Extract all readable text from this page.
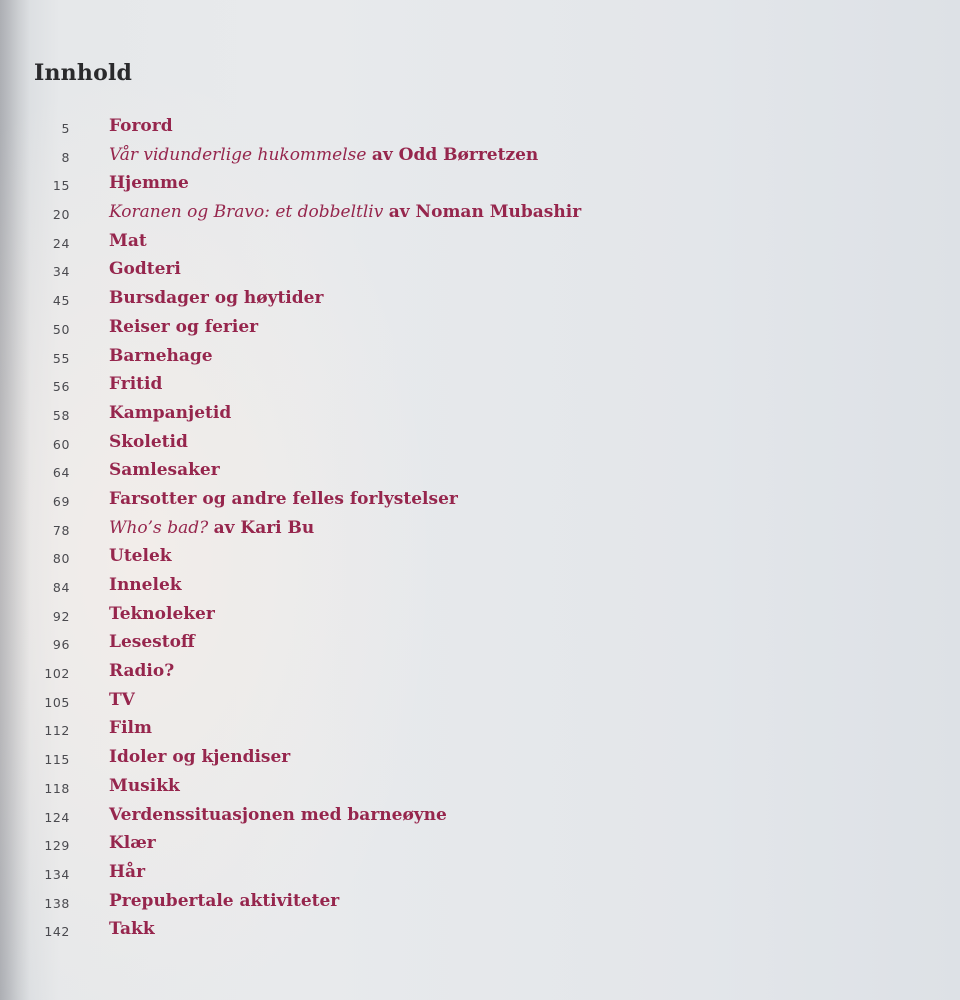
Innhold
5 Forord
8 Vår vidunderlige hukommelse av Odd Børretzen
15 Hjemme
20 Koranen og Bravo: et dobbeltliv av Noman Mubashir
24 Mat
34 Godteri
45 Bursdager og høytider
50 Reiser og ferier
55 Barnehage
56 Fritid
58 Kampanjetid
60 Skoletid
64 Samlesaker
69 Farsotter og andre felles forlystelser
78 Who’s bad? av Kari Bu
80 Utelek
84 Innelek
92 Teknoleker
96 Lesestoff
102 Radio?
105 TV
112 Film
115 Idoler og kjendiser
118 Musikk
124 Verdenssituasjonen med barneøyne
129 Klær
134 Hår
138 Prepubertale aktiviteter
142 Takk
